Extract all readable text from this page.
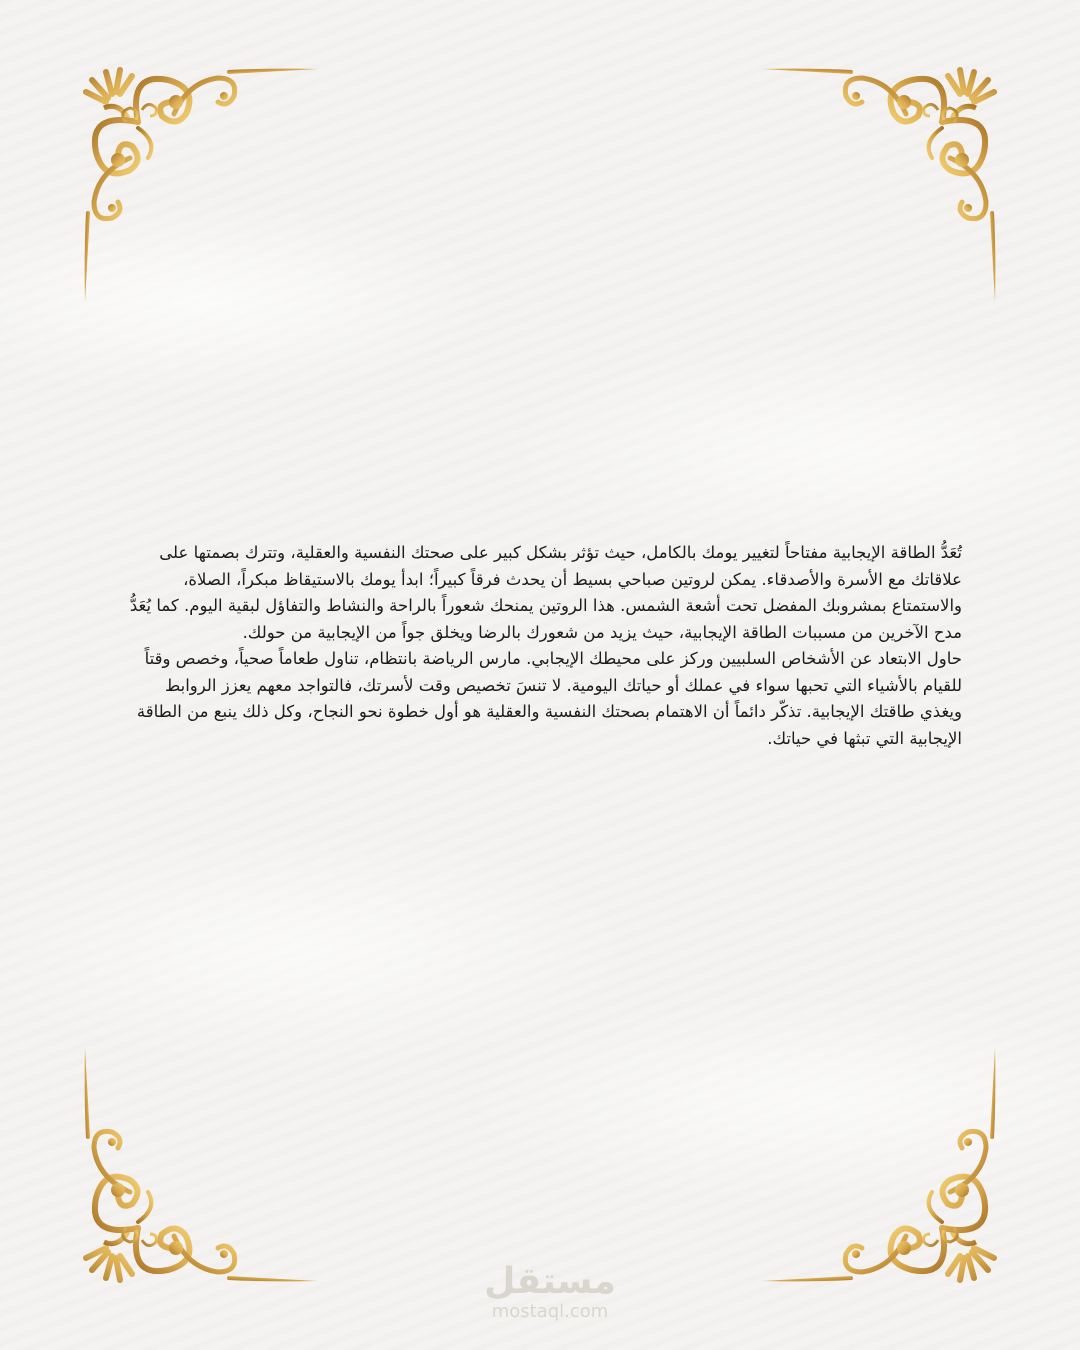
تُعَدُّ الطاقة الإيجابية مفتاحاً لتغيير يومك بالكامل، حيث تؤثر بشكل كبير على صحتك النفسية والعقلية، وتترك بصمتها على علاقاتك مع الأسرة والأصدقاء. يمكن لروتين صباحي بسيط أن يحدث فرقاً كبيراً؛ ابدأ يومك بالاستيقاظ مبكراً، الصلاة، والاستمتاع بمشروبك المفضل تحت أشعة الشمس. هذا الروتين يمنحك شعوراً بالراحة والنشاط والتفاؤل لبقية اليوم. كما يُعَدُّ مدح الآخرين من مسببات الطاقة الإيجابية، حيث يزيد من شعورك بالرضا ويخلق جواً من الإيجابية من حولك.

حاول الابتعاد عن الأشخاص السلبيين وركز على محيطك الإيجابي. مارس الرياضة بانتظام، تناول طعاماً صحياً، وخصص وقتاً للقيام بالأشياء التي تحبها سواء في عملك أو حياتك اليومية. لا تنسَ تخصيص وقت لأسرتك، فالتواجد معهم يعزز الروابط ويغذي طاقتك الإيجابية. تذكّر دائماً أن الاهتمام بصحتك النفسية والعقلية هو أول خطوة نحو النجاح، وكل ذلك ينبع من الطاقة الإيجابية التي تبثها في حياتك.

مستقل
mostaql.com
